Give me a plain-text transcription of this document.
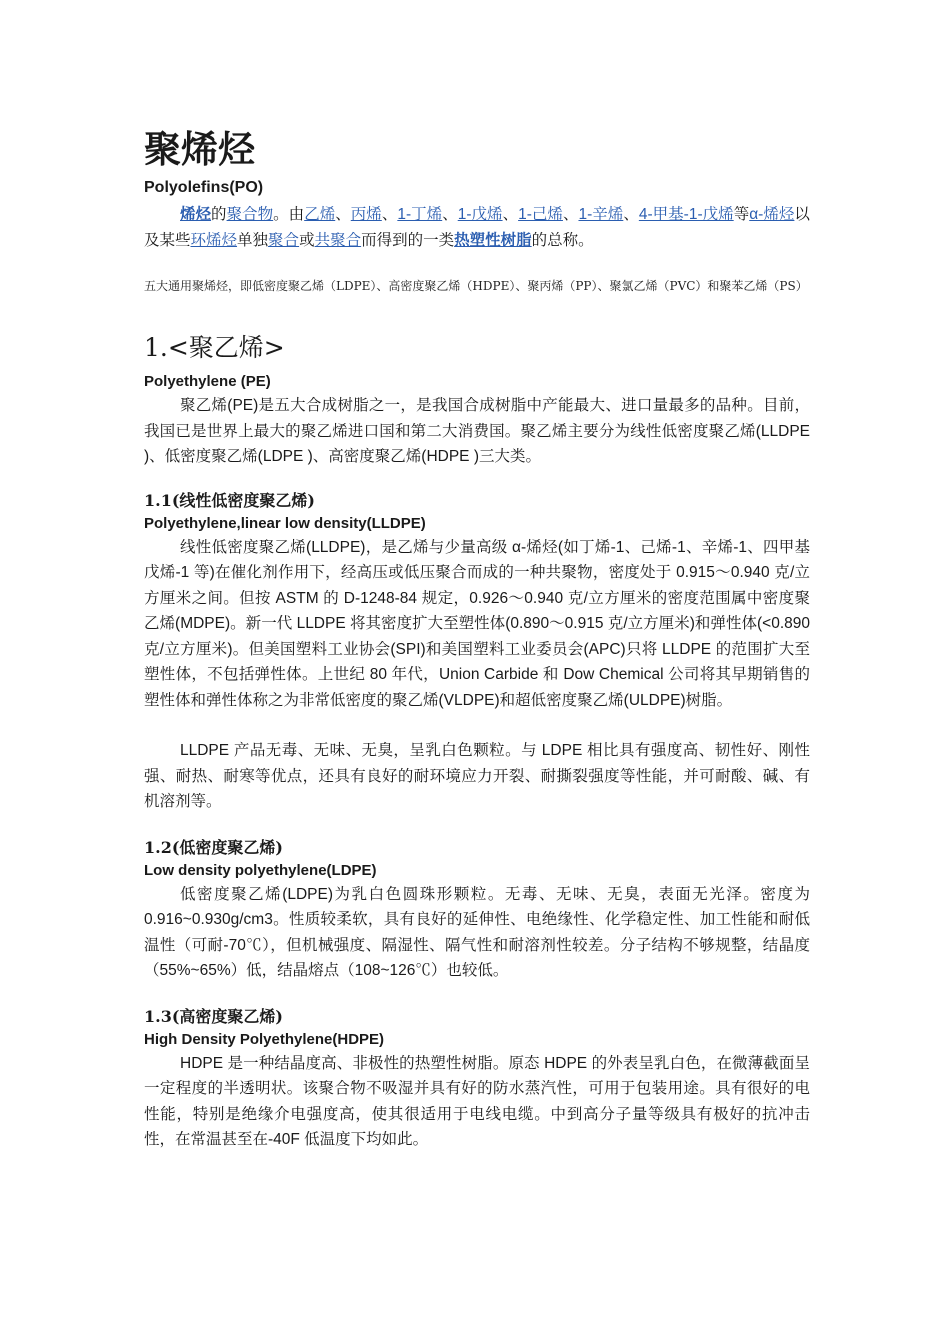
聚烯烃

Polyolefins(PO)

烯烃的聚合物。由乙烯、丙烯、1-丁烯、1-戊烯、1-己烯、1-辛烯、4-甲基-1-戊烯等α-烯烃以及某些环烯烃单独聚合或共聚合而得到的一类热塑性树脂的总称。

五大通用聚烯烃，即低密度聚乙烯（LDPE）、高密度聚乙烯（HDPE）、聚丙烯（PP）、聚氯乙烯（PVC）和聚苯乙烯（PS）

1.<聚乙烯>

Polyethylene (PE)

聚乙烯(PE)是五大合成树脂之一，是我国合成树脂中产能最大、进口量最多的品种。目前，我国已是世界上最大的聚乙烯进口国和第二大消费国。聚乙烯主要分为线性低密度聚乙烯(LLDPE )、低密度聚乙烯(LDPE )、高密度聚乙烯(HDPE )三大类。

1.1(线性低密度聚乙烯)

Polyethylene,linear low density(LLDPE)

线性低密度聚乙烯(LLDPE)，是乙烯与少量高级 α-烯烃(如丁烯-1、己烯-1、辛烯-1、四甲基戊烯-1 等)在催化剂作用下，经高压或低压聚合而成的一种共聚物，密度处于 0.915～0.940 克/立方厘米之间。但按 ASTM 的 D-1248-84 规定，0.926～0.940 克/立方厘米的密度范围属中密度聚乙烯(MDPE)。新一代 LLDPE 将其密度扩大至塑性体(0.890～0.915 克/立方厘米)和弹性体(<0.890 克/立方厘米)。但美国塑料工业协会(SPI)和美国塑料工业委员会(APC)只将 LLDPE 的范围扩大至塑性体，不包括弹性体。上世纪 80 年代，Union Carbide 和 Dow Chemical 公司将其早期销售的塑性体和弹性体称之为非常低密度的聚乙烯(VLDPE)和超低密度聚乙烯(ULDPE)树脂。

LLDPE 产品无毒、无味、无臭，呈乳白色颗粒。与 LDPE 相比具有强度高、韧性好、刚性强、耐热、耐寒等优点，还具有良好的耐环境应力开裂、耐撕裂强度等性能，并可耐酸、碱、有机溶剂等。

1.2(低密度聚乙烯)

Low density polyethylene(LDPE)

低密度聚乙烯(LDPE)为乳白色圆珠形颗粒。无毒、无味、无臭，表面无光泽。密度为 0.916~0.930g/cm3。性质较柔软，具有良好的延伸性、电绝缘性、化学稳定性、加工性能和耐低温性（可耐-70℃），但机械强度、隔湿性、隔气性和耐溶剂性较差。分子结构不够规整，结晶度（55%~65%）低，结晶熔点（108~126℃）也较低。

1.3(高密度聚乙烯)

High Density Polyethylene(HDPE)

HDPE 是一种结晶度高、非极性的热塑性树脂。原态 HDPE 的外表呈乳白色，在微薄截面呈一定程度的半透明状。该聚合物不吸湿并具有好的防水蒸汽性，可用于包装用途。具有很好的电性能，特别是绝缘介电强度高，使其很适用于电线电缆。中到高分子量等级具有极好的抗冲击性，在常温甚至在-40F 低温度下均如此。
